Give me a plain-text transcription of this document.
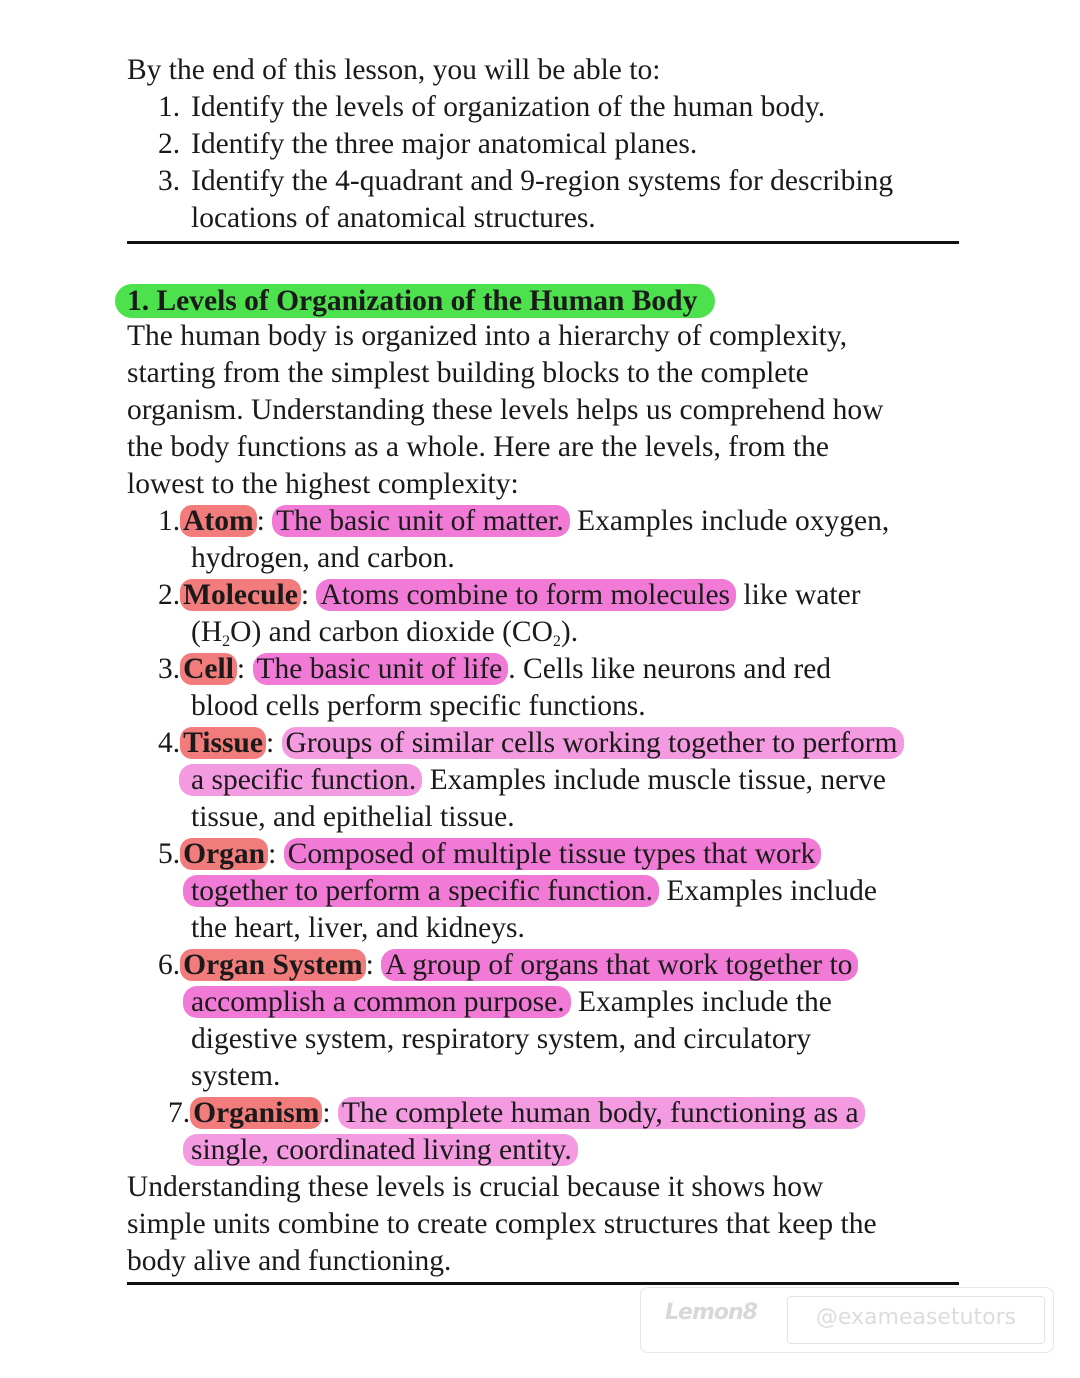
By the end of this lesson, you will be able to:
1. Identify the levels of organization of the human body.
2. Identify the three major anatomical planes.
3. Identify the 4-quadrant and 9-region systems for describing
locations of anatomical structures.
1. Levels of Organization of the Human Body
The human body is organized into a hierarchy of complexity,
starting from the simplest building blocks to the complete
organism. Understanding these levels helps us comprehend how
the body functions as a whole. Here are the levels, from the
lowest to the highest complexity:
1. Atom : The basic unit of matter. Examples include oxygen,
hydrogen, and carbon.
2. Molecule : Atoms combine to form molecules like water
$(H_2O)$ and carbon dioxide $(CO_2)$.
3. Cell : The basic unit of life . Cells like neurons and red
blood cells perform specific functions.
4. Tissue : Groups of similar cells working together to perform
a specific function. Examples include muscle tissue, nerve
tissue, and epithelial tissue.
5. Organ : Composed of multiple tissue types that work
together to perform a specific function. Examples include
the heart, liver, and kidneys.
6. Organ System : A group of organs that work together to
accomplish a common purpose. Examples include the
digestive system, respiratory system, and circulatory
system.
7. Organism : The complete human body, functioning as a
single, coordinated living entity.
Understanding these levels is crucial because it shows how
simple units combine to create complex structures that keep the
body alive and functioning.
Lemon8	@exameasetutors
